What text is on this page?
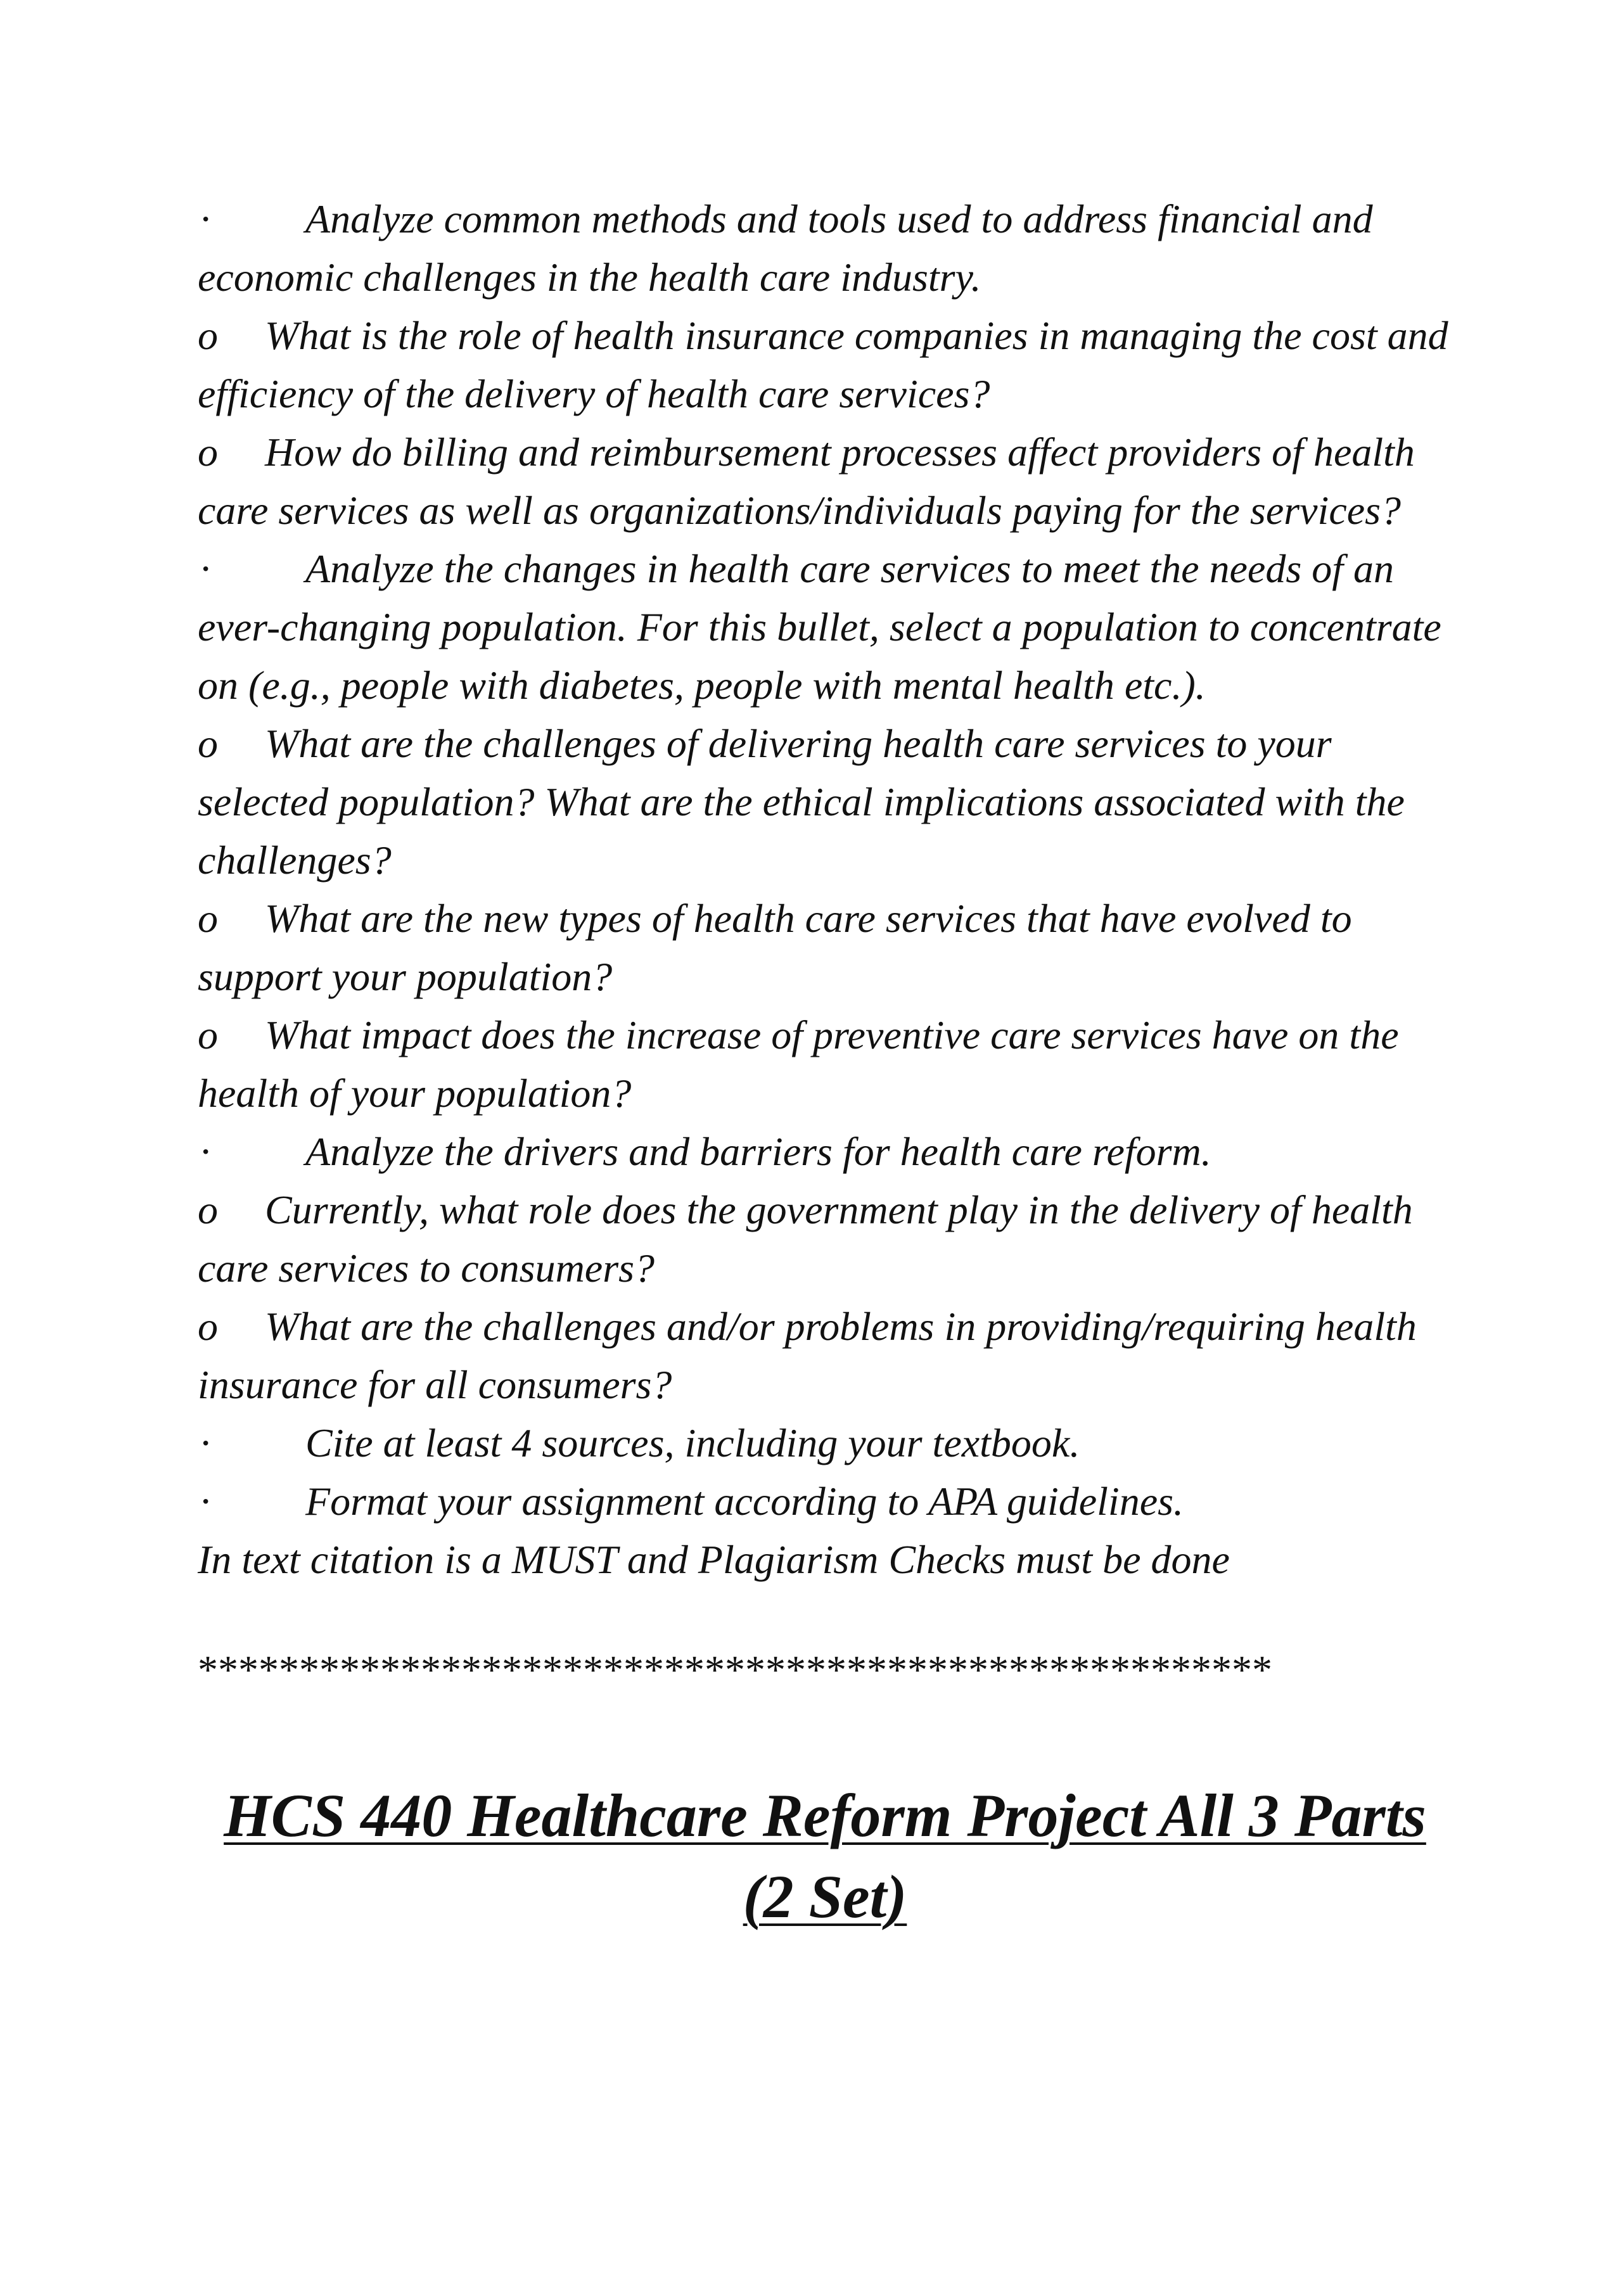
· Analyze common methods and tools used to address financial and economic challenges in the health care industry.

o What is the role of health insurance companies in managing the cost and efficiency of the delivery of health care services?

o How do billing and reimbursement processes affect providers of health care services as well as organizations/individuals paying for the services?

· Analyze the changes in health care services to meet the needs of an ever-changing population. For this bullet, select a population to concentrate on (e.g., people with diabetes, people with mental health etc.).

o What are the challenges of delivering health care services to your selected population? What are the ethical implications associated with the challenges?

o What are the new types of health care services that have evolved to support your population?

o What impact does the increase of preventive care services have on the health of your population?

· Analyze the drivers and barriers for health care reform.

o Currently, what role does the government play in the delivery of health care services to consumers?

o What are the challenges and/or problems in providing/requiring health insurance for all consumers?

· Cite at least 4 sources, including your textbook.

· Format your assignment according to APA guidelines.

In text citation is a MUST and Plagiarism Checks must be done

*****************************************************

HCS 440 Healthcare Reform Project All 3 Parts (2 Set)
